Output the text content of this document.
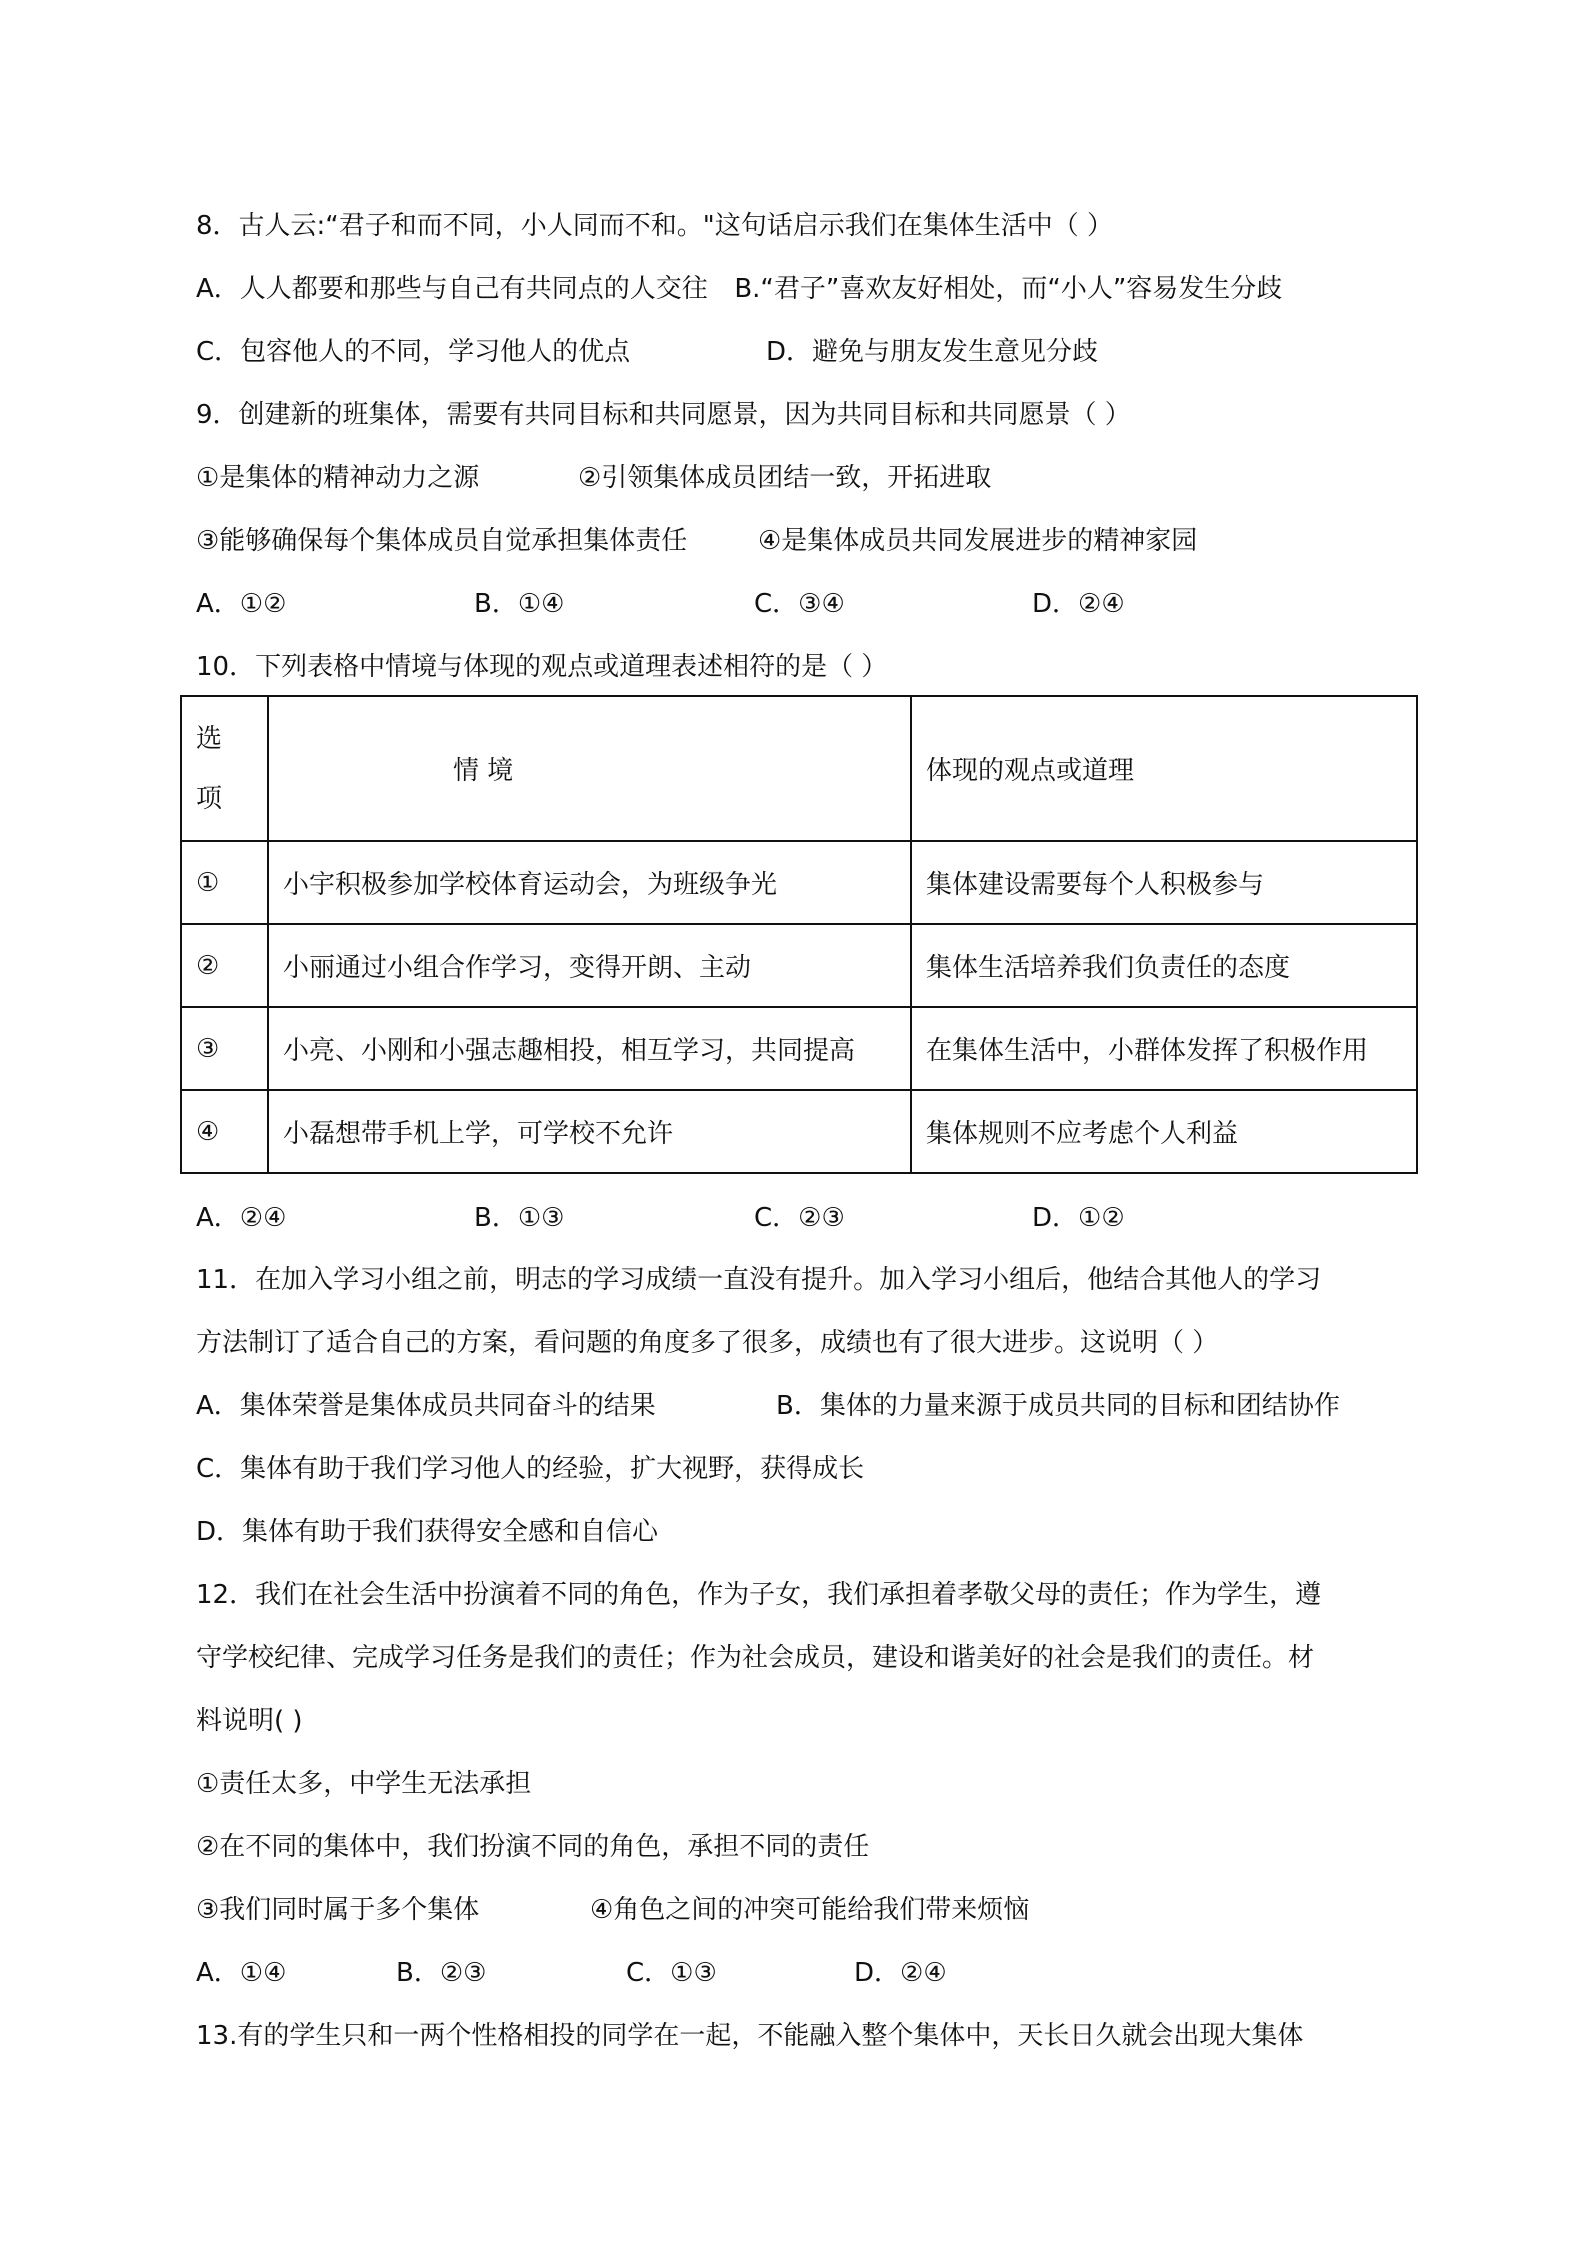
8．古人云:“君子和而不同，小人同而不和。"这句话启示我们在集体生活中（ ）
A．人人都要和那些与自己有共同点的人交往 B.“君子”喜欢友好相处，而“小人”容易发生分歧
C．包容他人的不同，学习他人的优点	D．避免与朋友发生意见分歧
9．创建新的班集体，需要有共同目标和共同愿景，因为共同目标和共同愿景（ ）
①是集体的精神动力之源	②引领集体成员团结一致，开拓进取
③能够确保每个集体成员自觉承担集体责任	④是集体成员共同发展进步的精神家园
A．①②	B．①④	C．③④	D．②④
10．下列表格中情境与体现的观点或道理表述相符的是（ ）
选项	情 境	体现的观点或道理
①	小宇积极参加学校体育运动会，为班级争光	集体建设需要每个人积极参与
②	小丽通过小组合作学习，变得开朗、主动	集体生活培养我们负责任的态度
③	小亮、小刚和小强志趣相投，相互学习，共同提高	在集体生活中，小群体发挥了积极作用
④	小磊想带手机上学，可学校不允许	集体规则不应考虑个人利益
A．②④	B．①③	C．②③	D．①②
11．在加入学习小组之前，明志的学习成绩一直没有提升。加入学习小组后，他结合其他人的学习
方法制订了适合自己的方案，看问题的角度多了很多，成绩也有了很大进步。这说明（ ）
A．集体荣誉是集体成员共同奋斗的结果	B．集体的力量来源于成员共同的目标和团结协作
C．集体有助于我们学习他人的经验，扩大视野，获得成长
D．集体有助于我们获得安全感和自信心
12．我们在社会生活中扮演着不同的角色，作为子女，我们承担着孝敬父母的责任；作为学生，遵
守学校纪律、完成学习任务是我们的责任；作为社会成员，建设和谐美好的社会是我们的责任。材
料说明( )
①责任太多，中学生无法承担
②在不同的集体中，我们扮演不同的角色，承担不同的责任
③我们同时属于多个集体	④角色之间的冲突可能给我们带来烦恼
A．①④	B．②③	C．①③	D．②④
13.有的学生只和一两个性格相投的同学在一起，不能融入整个集体中，天长日久就会出现大集体
